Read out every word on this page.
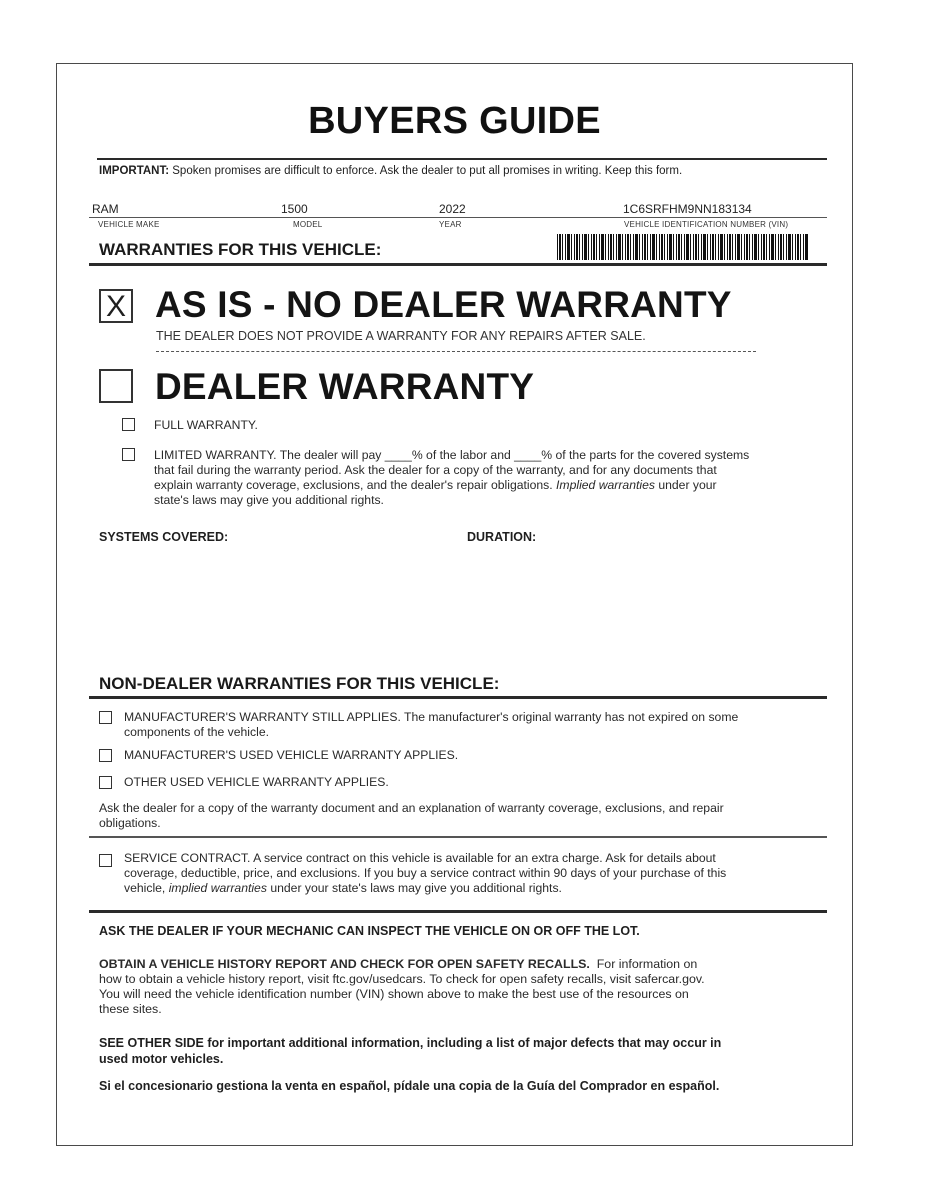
BUYERS GUIDE
IMPORTANT: Spoken promises are difficult to enforce. Ask the dealer to put all promises in writing. Keep this form.
RAM	1500	2022	1C6SRFHM9NN183134
VEHICLE MAKE	MODEL	YEAR	VEHICLE IDENTIFICATION NUMBER (VIN)
WARRANTIES FOR THIS VEHICLE:
X AS IS - NO DEALER WARRANTY
THE DEALER DOES NOT PROVIDE A WARRANTY FOR ANY REPAIRS AFTER SALE.
DEALER WARRANTY
FULL WARRANTY.
LIMITED WARRANTY. The dealer will pay ____% of the labor and ____% of the parts for the covered systems
that fail during the warranty period. Ask the dealer for a copy of the warranty, and for any documents that
explain warranty coverage, exclusions, and the dealer's repair obligations. Implied warranties under your
state's laws may give you additional rights.
SYSTEMS COVERED:	DURATION:
NON-DEALER WARRANTIES FOR THIS VEHICLE:
MANUFACTURER'S WARRANTY STILL APPLIES. The manufacturer's original warranty has not expired on some
components of the vehicle.
MANUFACTURER'S USED VEHICLE WARRANTY APPLIES.
OTHER USED VEHICLE WARRANTY APPLIES.
Ask the dealer for a copy of the warranty document and an explanation of warranty coverage, exclusions, and repair
obligations.
SERVICE CONTRACT. A service contract on this vehicle is available for an extra charge. Ask for details about
coverage, deductible, price, and exclusions. If you buy a service contract within 90 days of your purchase of this
vehicle, implied warranties under your state's laws may give you additional rights.
ASK THE DEALER IF YOUR MECHANIC CAN INSPECT THE VEHICLE ON OR OFF THE LOT.
OBTAIN A VEHICLE HISTORY REPORT AND CHECK FOR OPEN SAFETY RECALLS. For information on
how to obtain a vehicle history report, visit ftc.gov/usedcars. To check for open safety recalls, visit safercar.gov.
You will need the vehicle identification number (VIN) shown above to make the best use of the resources on
these sites.
SEE OTHER SIDE for important additional information, including a list of major defects that may occur in
used motor vehicles.
Si el concesionario gestiona la venta en español, pídale una copia de la Guía del Comprador en español.
